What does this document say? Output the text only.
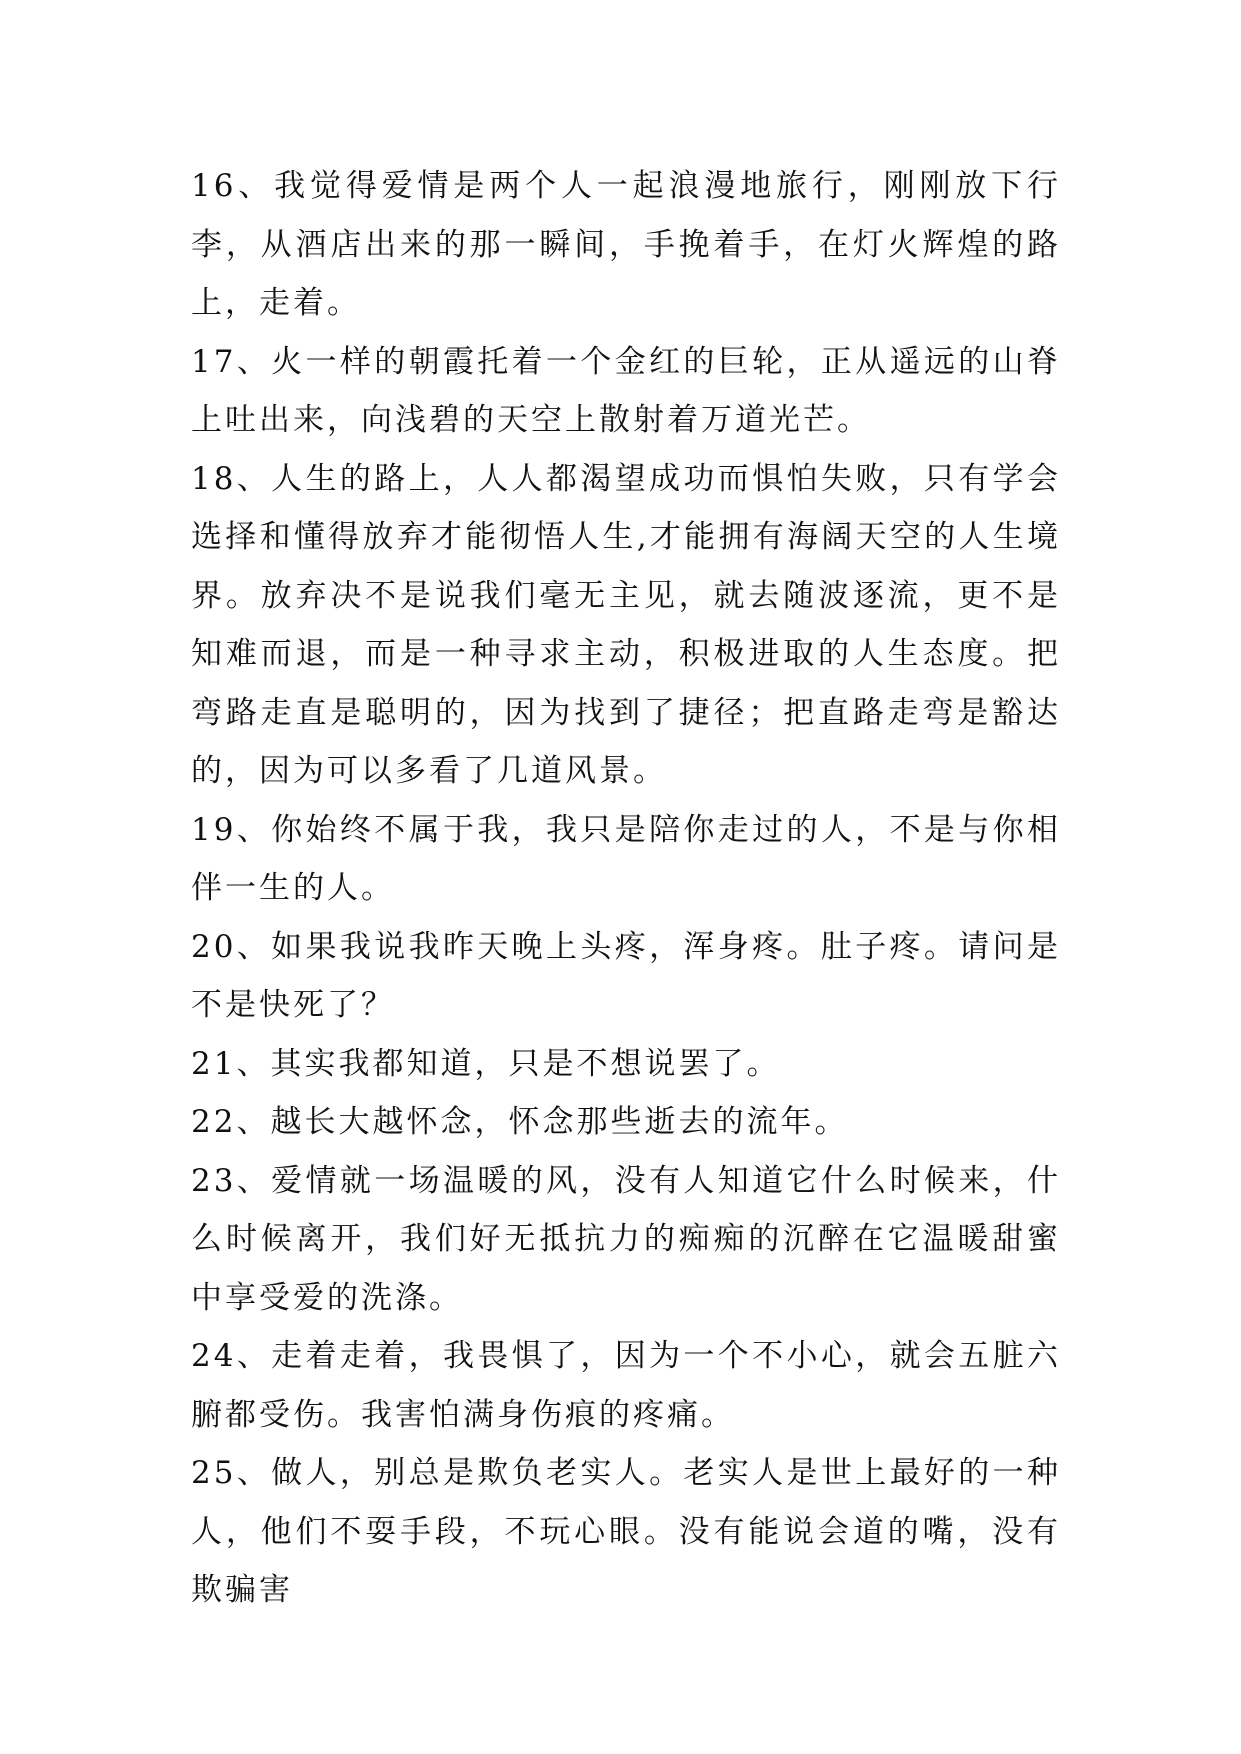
16、我觉得爱情是两个人一起浪漫地旅行，刚刚放下行李，从酒店出来的那一瞬间，手挽着手，在灯火辉煌的路上，走着。

17、火一样的朝霞托着一个金红的巨轮，正从遥远的山脊上吐出来，向浅碧的天空上散射着万道光芒。

18、人生的路上，人人都渴望成功而惧怕失败，只有学会选择和懂得放弃才能彻悟人生,才能拥有海阔天空的人生境界。放弃决不是说我们毫无主见，就去随波逐流，更不是知难而退，而是一种寻求主动，积极进取的人生态度。把弯路走直是聪明的，因为找到了捷径；把直路走弯是豁达的，因为可以多看了几道风景。

19、你始终不属于我，我只是陪你走过的人，不是与你相伴一生的人。

20、如果我说我昨天晚上头疼，浑身疼。肚子疼。请问是不是快死了？

21、其实我都知道，只是不想说罢了。

22、越长大越怀念，怀念那些逝去的流年。

23、爱情就一场温暖的风，没有人知道它什么时候来，什么时候离开，我们好无抵抗力的痴痴的沉醉在它温暖甜蜜中享受爱的洗涤。

24、走着走着，我畏惧了，因为一个不小心，就会五脏六腑都受伤。我害怕满身伤痕的疼痛。

25、做人，别总是欺负老实人。老实人是世上最好的一种人，他们不耍手段，不玩心眼。没有能说会道的嘴，没有欺骗害
